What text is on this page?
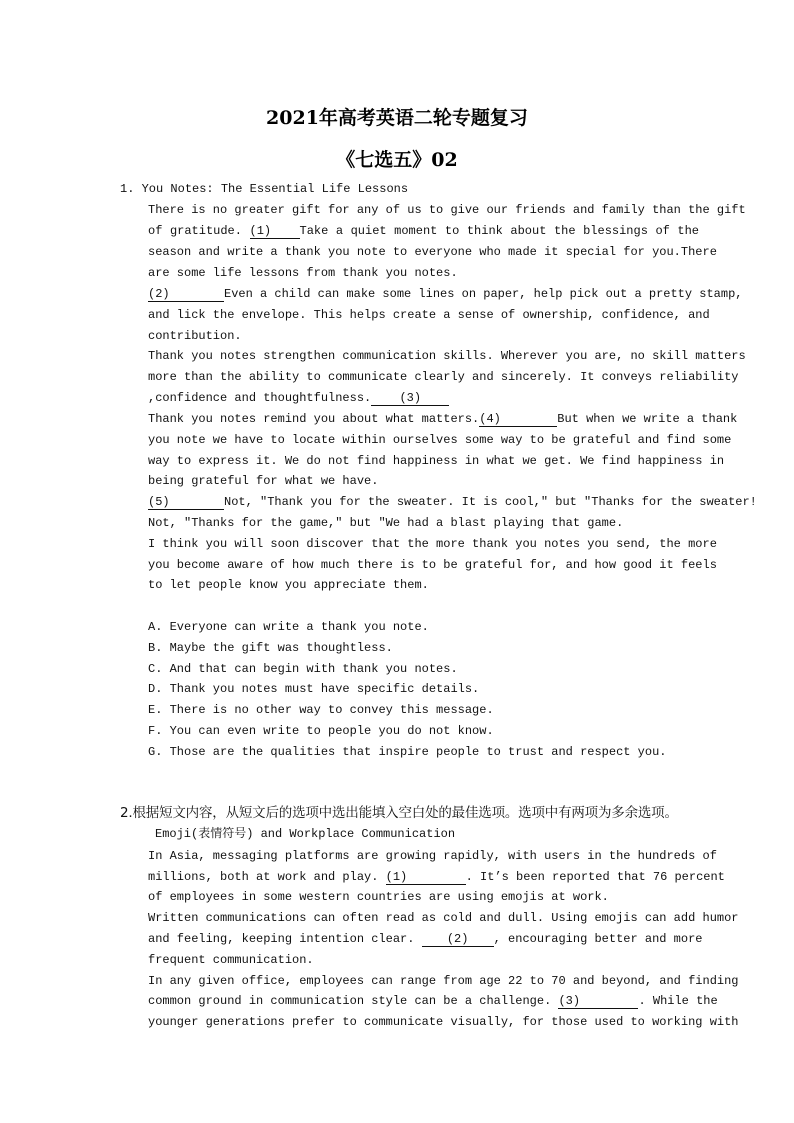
2021年高考英语二轮专题复习
《七选五》02
1. You Notes: The Essential Life Lessons
There is no greater gift for any of us to give our friends and family than the gift
of gratitude. (1) Take a quiet moment to think about the blessings of the
season and write a thank you note to everyone who made it special for you.There
are some life lessons from thank you notes.
(2)	Even a child can make some lines on paper, help pick out a pretty stamp,
and lick the envelope. This helps create a sense of ownership, confidence, and
contribution.
Thank you notes strengthen communication skills. Wherever you are, no skill matters
more than the ability to communicate clearly and sincerely. It conveys reliability
,confidence and thoughtfulness. (3)
Thank you notes remind you about what matters.(4)	But when we write a thank
you note we have to locate within ourselves some way to be grateful and find some
way to express it. We do not find happiness in what we get. We find happiness in
being grateful for what we have.
(5)	Not, "Thank you for the sweater. It is cool," but "Thanks for the sweater!
Not, "Thanks for the game," but "We had a blast playing that game.
I think you will soon discover that the more thank you notes you send, the more
you become aware of how much there is to be grateful for, and how good it feels
to let people know you appreciate them.
A. Everyone can write a thank you note.
B. Maybe the gift was thoughtless.
C. And that can begin with thank you notes.
D. Thank you notes must have specific details.
E. There is no other way to convey this message.
F. You can even write to people you do not know.
G. Those are the qualities that inspire people to trust and respect you.
2.根据短文内容，从短文后的选项中选出能填入空白处的最佳选项。选项中有两项为多余选项。
Emoji(表情符号) and Workplace Communication
In Asia, messaging platforms are growing rapidly, with users in the hundreds of
millions, both at work and play. (1)	. It’s been reported that 76 percent
of employees in some western countries are using emojis at work.
Written communications can often read as cold and dull. Using emojis can add humor
and feeling, keeping intention clear.	(2) , encouraging better and more
frequent communication.
In any given office, employees can range from age 22 to 70 and beyond, and finding
common ground in communication style can be a challenge. (3)	. While the
younger generations prefer to communicate visually, for those used to working with
